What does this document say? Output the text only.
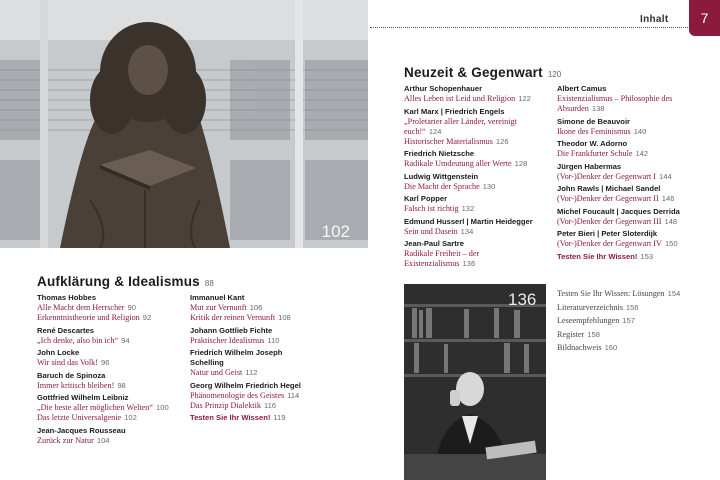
Inhalt 7
102
136
Aufklärung & Idealismus 88
Thomas Hobbes
Alle Macht dem Herrscher 90
Erkenntnistheorie und Religion 92
René Descartes
„Ich denke, also bin ich“ 94
John Locke
Wir sind das Volk! 96
Baruch de Spinoza
Immer kritisch bleiben! 98
Gottfried Wilhelm Leibniz
„Die beste aller möglichen Welten“ 100
Das letzte Universalgenie 102
Jean-Jacques Rousseau
Zurück zur Natur 104
Immanuel Kant
Mut zur Vernunft 106
Kritik der reinen Vernunft 108
Johann Gottlieb Fichte
Praktischer Idealismus 110
Friedrich Wilhelm Joseph Schelling
Natur und Geist 112
Georg Wilhelm Friedrich Hegel
Phänomenologie des Geistes 114
Das Prinzip Dialektik 116
Testen Sie Ihr Wissen! 119
Neuzeit & Gegenwart 120
Arthur Schopenhauer
Alles Leben ist Leid und Religion 122
Karl Marx | Friedrich Engels
„Proletarier aller Länder, vereinigt euch!“ 124
Historischer Materialismus 126
Friedrich Nietzsche
Radikale Umdeutung aller Werte 128
Ludwig Wittgenstein
Die Macht der Sprache 130
Karl Popper
Falsch ist richtig 132
Edmund Husserl | Martin Heidegger
Sein und Dasein 134
Jean-Paul Sartre
Radikale Freiheit – der Existenzialismus 136
Albert Camus
Existenzialismus – Philosophie des Absurden 138
Simone de Beauvoir
Ikone des Feminismus 140
Theodor W. Adorno
Die Frankfurter Schule 142
Jürgen Habermas
(Vor-)Denker der Gegenwart I 144
John Rawls | Michael Sandel
(Vor-)Denker der Gegenwart II 146
Michel Foucault | Jacques Derrida
(Vor-)Denker der Gegenwart III 148
Peter Bieri | Peter Sloterdijk
(Vor-)Denker der Gegenwart IV 150
Testen Sie Ihr Wissen! 153
Testen Sie Ihr Wissen: Lösungen 154
Literaturverzeichnis 156
Leseempfehlungen 157
Register 158
Bildnachweis 160
